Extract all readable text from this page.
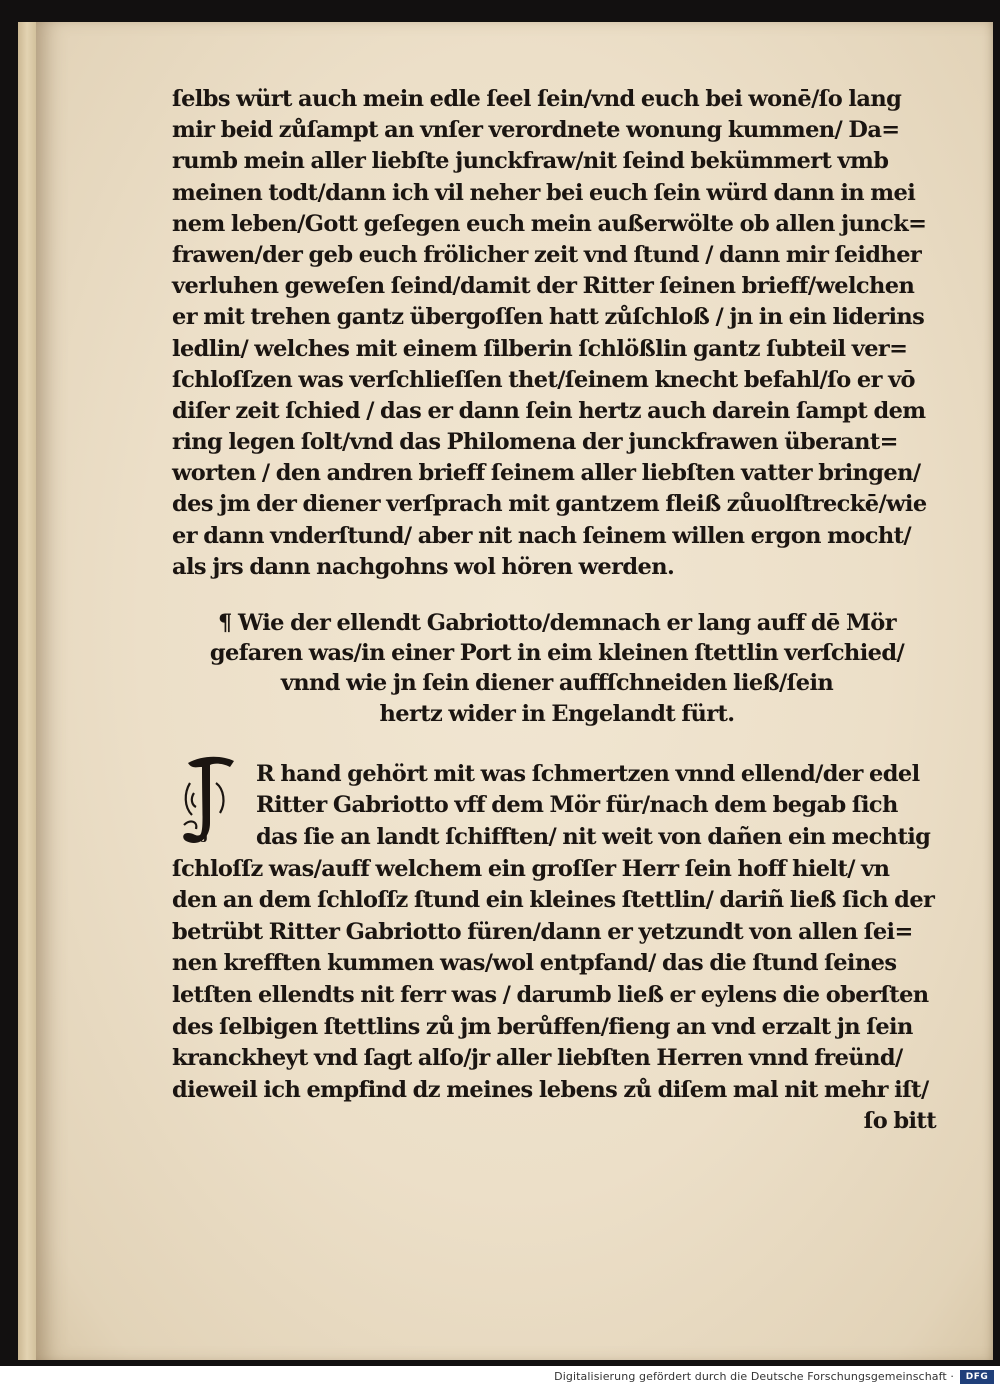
ſelbs würt auch mein edle ſeel ſein/vnd euch bei wonē/ſo lang
mir beid zůſampt an vnſer verordnete wonung kummen/ Da=
rumb mein aller liebſte junckfraw/nit ſeind bekümmert vmb
meinen todt/dann ich vil neher bei euch ſein würd dann in mei
nem leben/Gott geſegen euch mein außerwölte ob allen junck=
frawen/der geb euch frölicher zeit vnd ſtund / dann mir ſeidher
verluhen geweſen ſeind/damit der Ritter ſeinen brieff/welchen
er mit trehen gantz übergoſſen hatt zůſchloß / jn in ein liderins
ledlin/ welches mit einem ſilberin ſchlößlin gantz ſubteil ver=
ſchloſſzen was verſchlieſſen thet/ſeinem knecht befahl/ſo er vō
diſer zeit ſchied / das er dann ſein hertz auch darein ſampt dem
ring legen ſolt/vnd das Philomena der junckfrawen überant=
worten / den andren brieff ſeinem aller liebſten vatter bringen/
des jm der diener verſprach mit gantzem fleiß zůuolſtreckē/wie
er dann vnderſtund/ aber nit nach ſeinem willen ergon mocht/
als jrs dann nachgohns wol hören werden.
¶ Wie der ellendt Gabriotto/demnach er lang auff dē Mör
gefaren was/in einer Port in eim kleinen ſtettlin verſchied/
vnnd wie jn ſein diener auffſchneiden ließ/ſein
hertz wider in Engelandt fürt.
J
R hand gehört mit was ſchmertzen vnnd ellend/der edel
Ritter Gabriotto vff dem Mör für/nach dem begab ſich
das ſie an landt ſchifften/ nit weit von dañen ein mechtig
ſchloſſz was/auff welchem ein groſſer Herr ſein hoff hielt/ vn
den an dem ſchloſſz ſtund ein kleines ſtettlin/ dariñ ließ ſich der
betrübt Ritter Gabriotto füren/dann er yetzundt von allen ſei=
nen krefften kummen was/wol entpfand/ das die ſtund ſeines
letſten ellendts nit ferr was / darumb ließ er eylens die oberſten
des ſelbigen ſtettlins zů jm berůffen/fieng an vnd erzalt jn ſein
kranckheyt vnd ſagt alſo/jr aller liebſten Herren vnnd freünd/
dieweil ich empfind dz meines lebens zů diſem mal nit mehr iſt/
ſo bitt
Digitalisierung gefördert durch die Deutsche Forschungsgemeinschaft ·	DFG
